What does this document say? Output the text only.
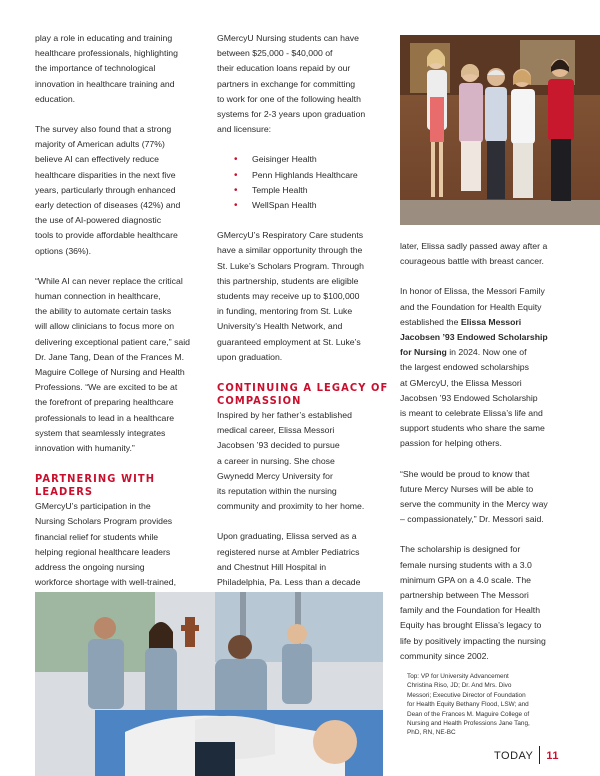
play a role in educating and training
healthcare professionals, highlighting
the importance of technological
innovation in healthcare training and
education.

The survey also found that a strong
majority of American adults (77%)
believe AI can effectively reduce
healthcare disparities in the next five
years, particularly through enhanced
early detection of diseases (42%) and
the use of AI-powered diagnostic
tools to provide affordable healthcare
options (36%).

“While AI can never replace the critical
human connection in healthcare,
the ability to automate certain tasks
will allow clinicians to focus more on
delivering exceptional patient care,” said
Dr. Jane Tang, Dean of the Frances M.
Maguire College of Nursing and Health
Professions. “We are excited to be at
the forefront of preparing healthcare
professionals to lead in a healthcare
system that seamlessly integrates
innovation with humanity.”

PARTNERING WITH LEADERS

GMercyU’s participation in the
Nursing Scholars Program provides
financial relief for students while
helping regional healthcare leaders
address the ongoing nursing
workforce shortage with well-trained,

GMercyU Nursing students can have
between $25,000 - $40,000 of
their education loans repaid by our
partners in exchange for committing
to work for one of the following health
systems for 2-3 years upon graduation
and licensure:

• Geisinger Health
• Penn Highlands Healthcare
• Temple Health
• WellSpan Health

GMercyU’s Respiratory Care students
have a similar opportunity through the
St. Luke’s Scholars Program. Through
this partnership, students are eligible
students may receive up to $100,000
in funding, mentoring from St. Luke
University’s Health Network, and
guaranteed employment at St. Luke’s
upon graduation.

CONTINUING A LEGACY OF
COMPASSION

Inspired by her father’s established
medical career, Elissa Messori
Jacobsen ’93 decided to pursue
a career in nursing. She chose
Gwynedd Mercy University for
its reputation within the nursing
community and proximity to her home.

Upon graduating, Elissa served as a
registered nurse at Ambler Pediatrics
and Chestnut Hill Hospital in
Philadelphia, Pa. Less than a decade

later, Elissa sadly passed away after a
courageous battle with breast cancer.

In honor of Elissa, the Messori Family
and the Foundation for Health Equity
established the Elissa Messori
Jacobsen ’93 Endowed Scholarship
for Nursing in 2024. Now one of
the largest endowed scholarships
at GMercyU, the Elissa Messori
Jacobsen ’93 Endowed Scholarship
is meant to celebrate Elissa’s life and
support students who share the same
passion for helping others.

“She would be proud to know that
future Mercy Nurses will be able to
serve the community in the Mercy way
– compassionately,” Dr. Messori said.

The scholarship is designed for
female nursing students with a 3.0
minimum GPA on a 4.0 scale. The
partnership between The Messori
family and the Foundation for Health
Equity has brought Elissa’s legacy to
life by positively impacting the nursing
community since 2002.

Top: VP for University Advancement
Christina Riso, JD; Dr. And Mrs. Divo
Messori; Executive Director of Foundation
for Health Equity Bethany Flood, LSW; and
Dean of the Frances M. Maguire College of
Nursing and Health Professions Jane Tang,
PhD, RN, NE-BC
TODAY 11
